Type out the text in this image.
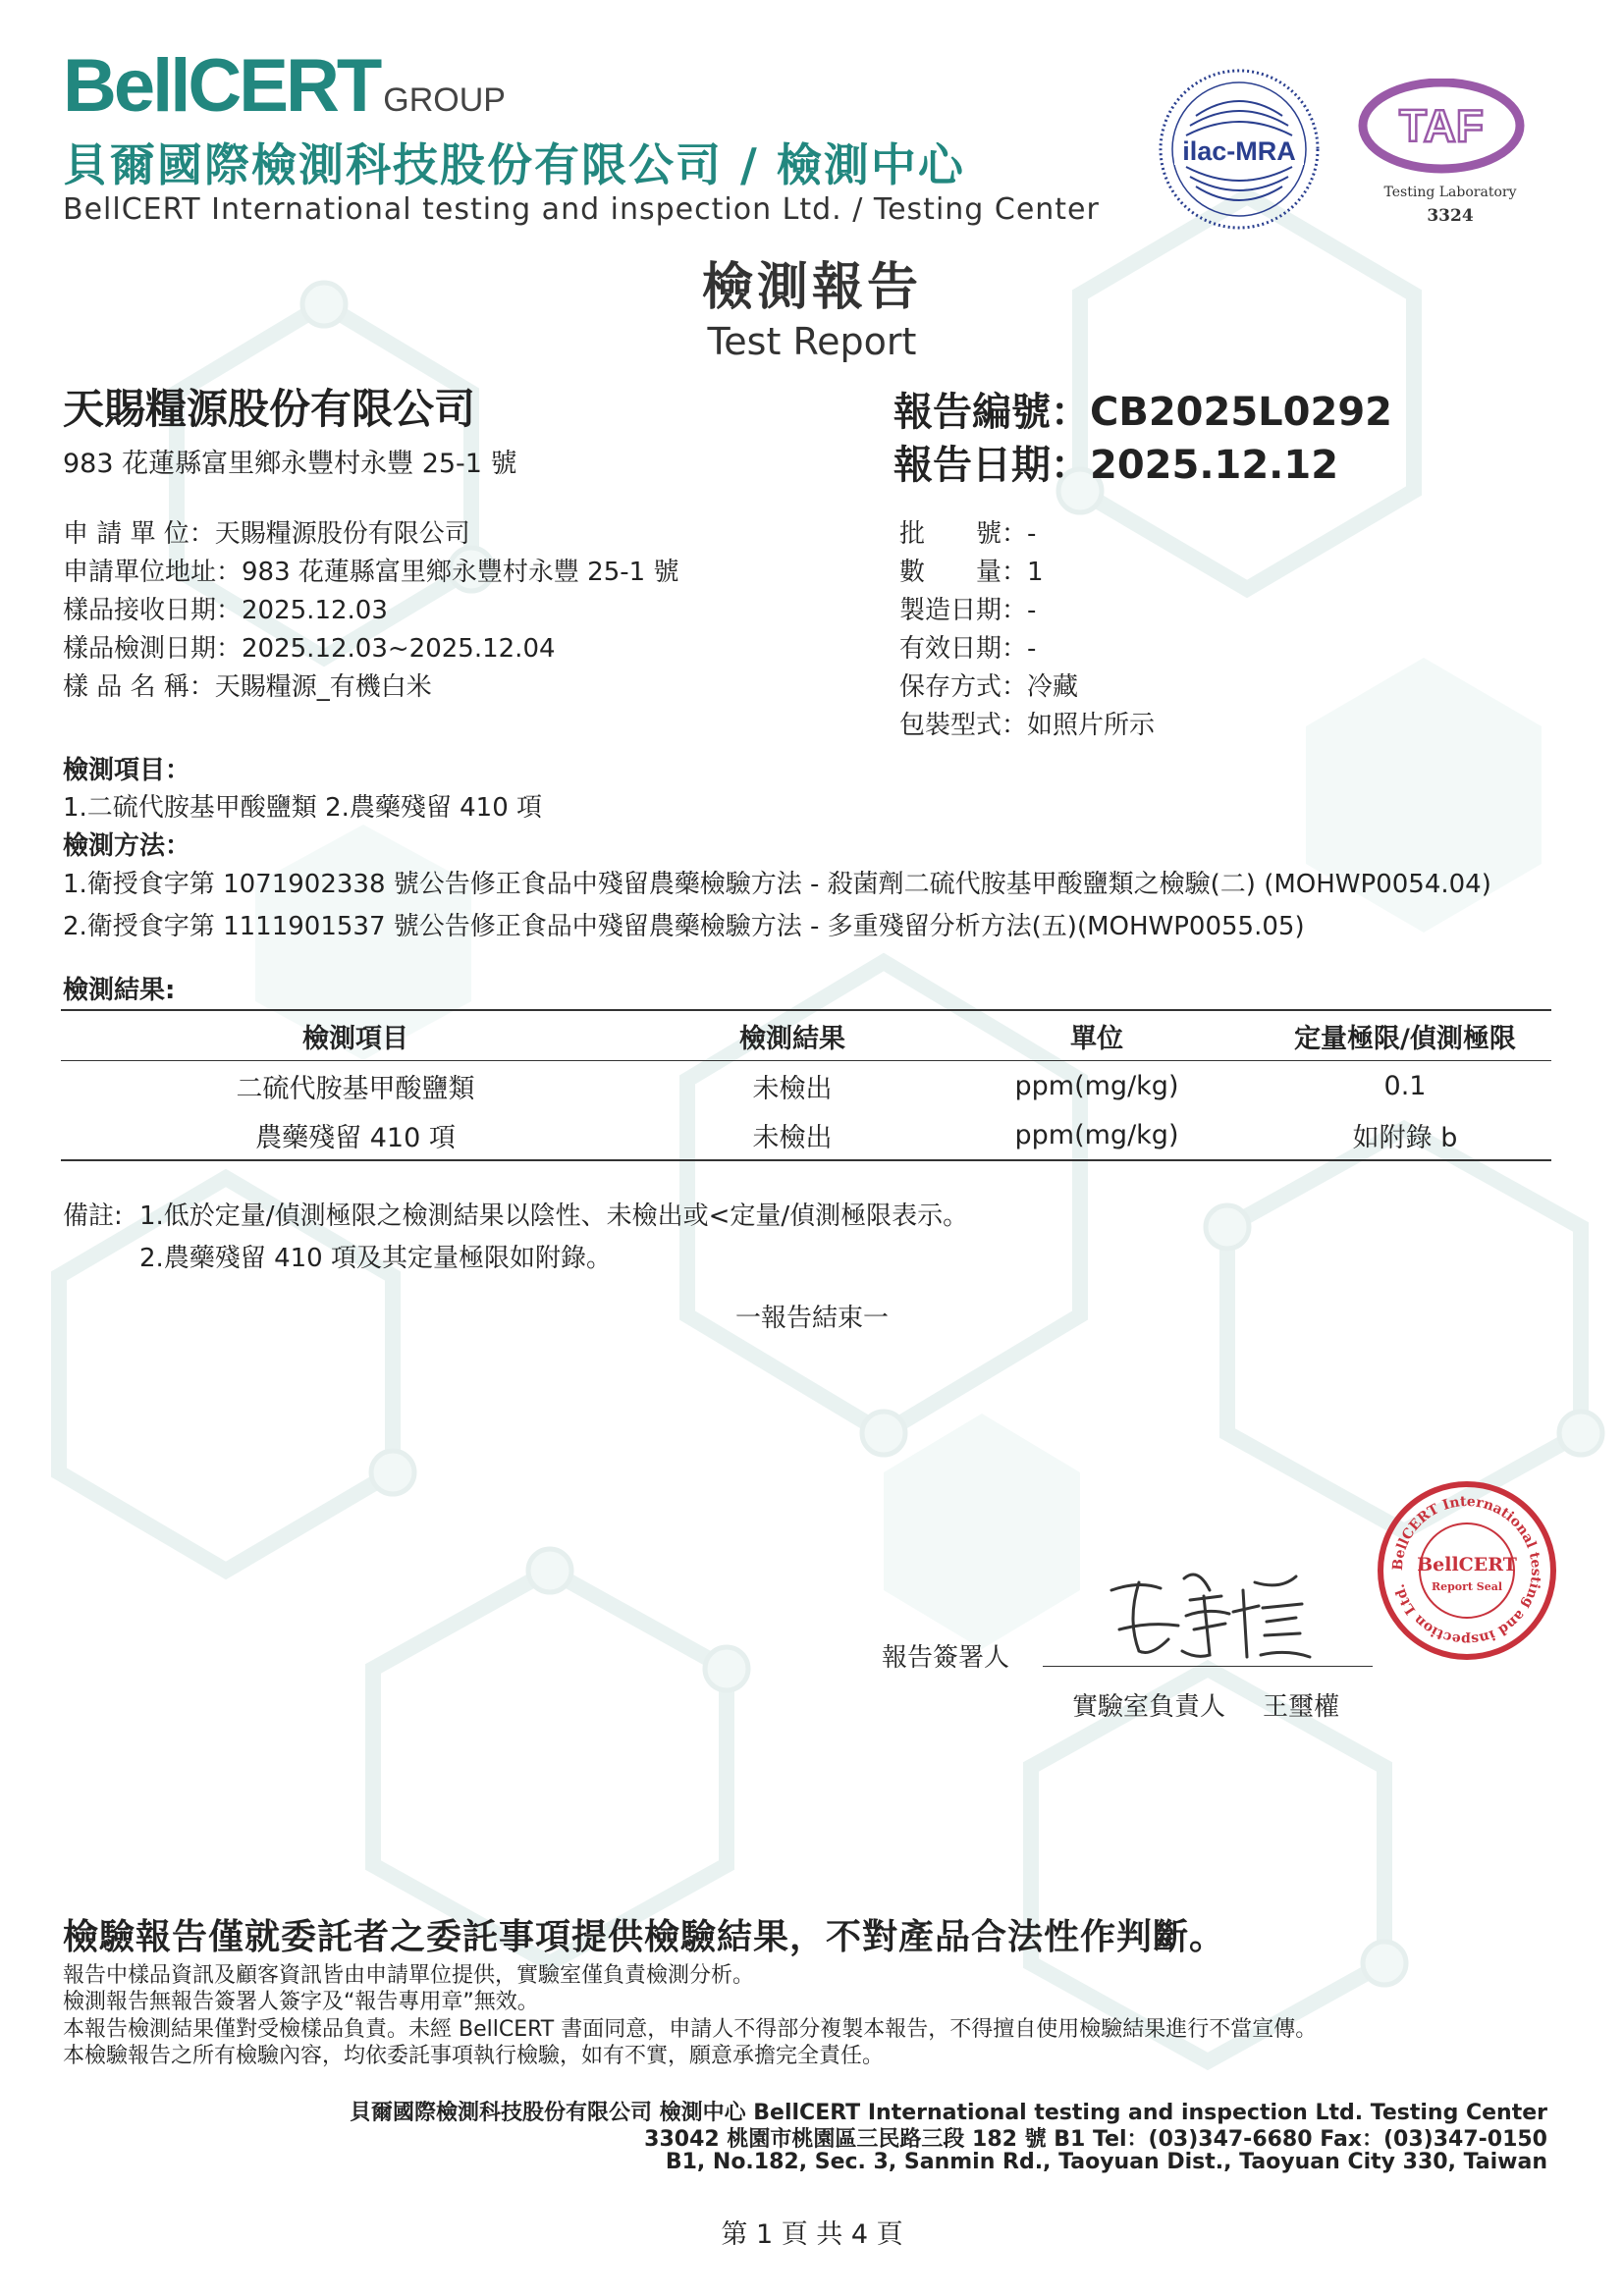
BellCERT GROUP
貝爾國際檢測科技股份有限公司 / 檢測中心
BellCERT International testing and inspection Ltd. / Testing Center
ilac-MRA TAF
Testing Laboratory
3324
檢測報告
Test Report
天賜糧源股份有限公司
983 花蓮縣富里鄉永豐村永豐 25-1 號
報告編號：CB2025L0292
報告日期：2025.12.12
申 請 單 位：天賜糧源股份有限公司
申請單位地址：983 花蓮縣富里鄉永豐村永豐 25-1 號
樣品接收日期：2025.12.03
樣品檢測日期：2025.12.03~2025.12.04
樣 品 名 稱：天賜糧源_有機白米
批　　號：-
數　　量：1
製造日期：-
有效日期：-
保存方式：冷藏
包裝型式：如照片所示
檢測項目：
1.二硫代胺基甲酸鹽類 2.農藥殘留 410 項
檢測方法：
1.衛授食字第 1071902338 號公告修正食品中殘留農藥檢驗方法 - 殺菌劑二硫代胺基甲酸鹽類之檢驗(二) (MOHWP0054.04)
2.衛授食字第 1111901537 號公告修正食品中殘留農藥檢驗方法 - 多重殘留分析方法(五)(MOHWP0055.05)
檢測結果:
檢測項目	檢測結果	單位	定量極限/偵測極限
二硫代胺基甲酸鹽類	未檢出	ppm(mg/kg)	0.1
農藥殘留 410 項	未檢出	ppm(mg/kg)	如附錄 b
備註: 1.低於定量/偵測極限之檢測結果以陰性、未檢出或<定量/偵測極限表示。
2.農藥殘留 410 項及其定量極限如附錄。
一報告結束一
BellCERT International testing and inspection Ltd.
BellCERT
Report Seal
報告簽署人
實驗室負責人 王璽權
檢驗報告僅就委託者之委託事項提供檢驗結果，不對產品合法性作判斷。
報告中樣品資訊及顧客資訊皆由申請單位提供，實驗室僅負責檢測分析。
檢測報告無報告簽署人簽字及“報告專用章”無效。
本報告檢測結果僅對受檢樣品負責。未經 BellCERT 書面同意，申請人不得部分複製本報告，不得擅自使用檢驗結果進行不當宣傳。
本檢驗報告之所有檢驗內容，均依委託事項執行檢驗，如有不實，願意承擔完全責任。
貝爾國際檢測科技股份有限公司 檢測中心 BellCERT International testing and inspection Ltd. Testing Center
33042 桃園市桃園區三民路三段 182 號 B1 Tel：(03)347-6680 Fax：(03)347-0150
B1, No.182, Sec. 3, Sanmin Rd., Taoyuan Dist., Taoyuan City 330, Taiwan
第 1 頁 共 4 頁
